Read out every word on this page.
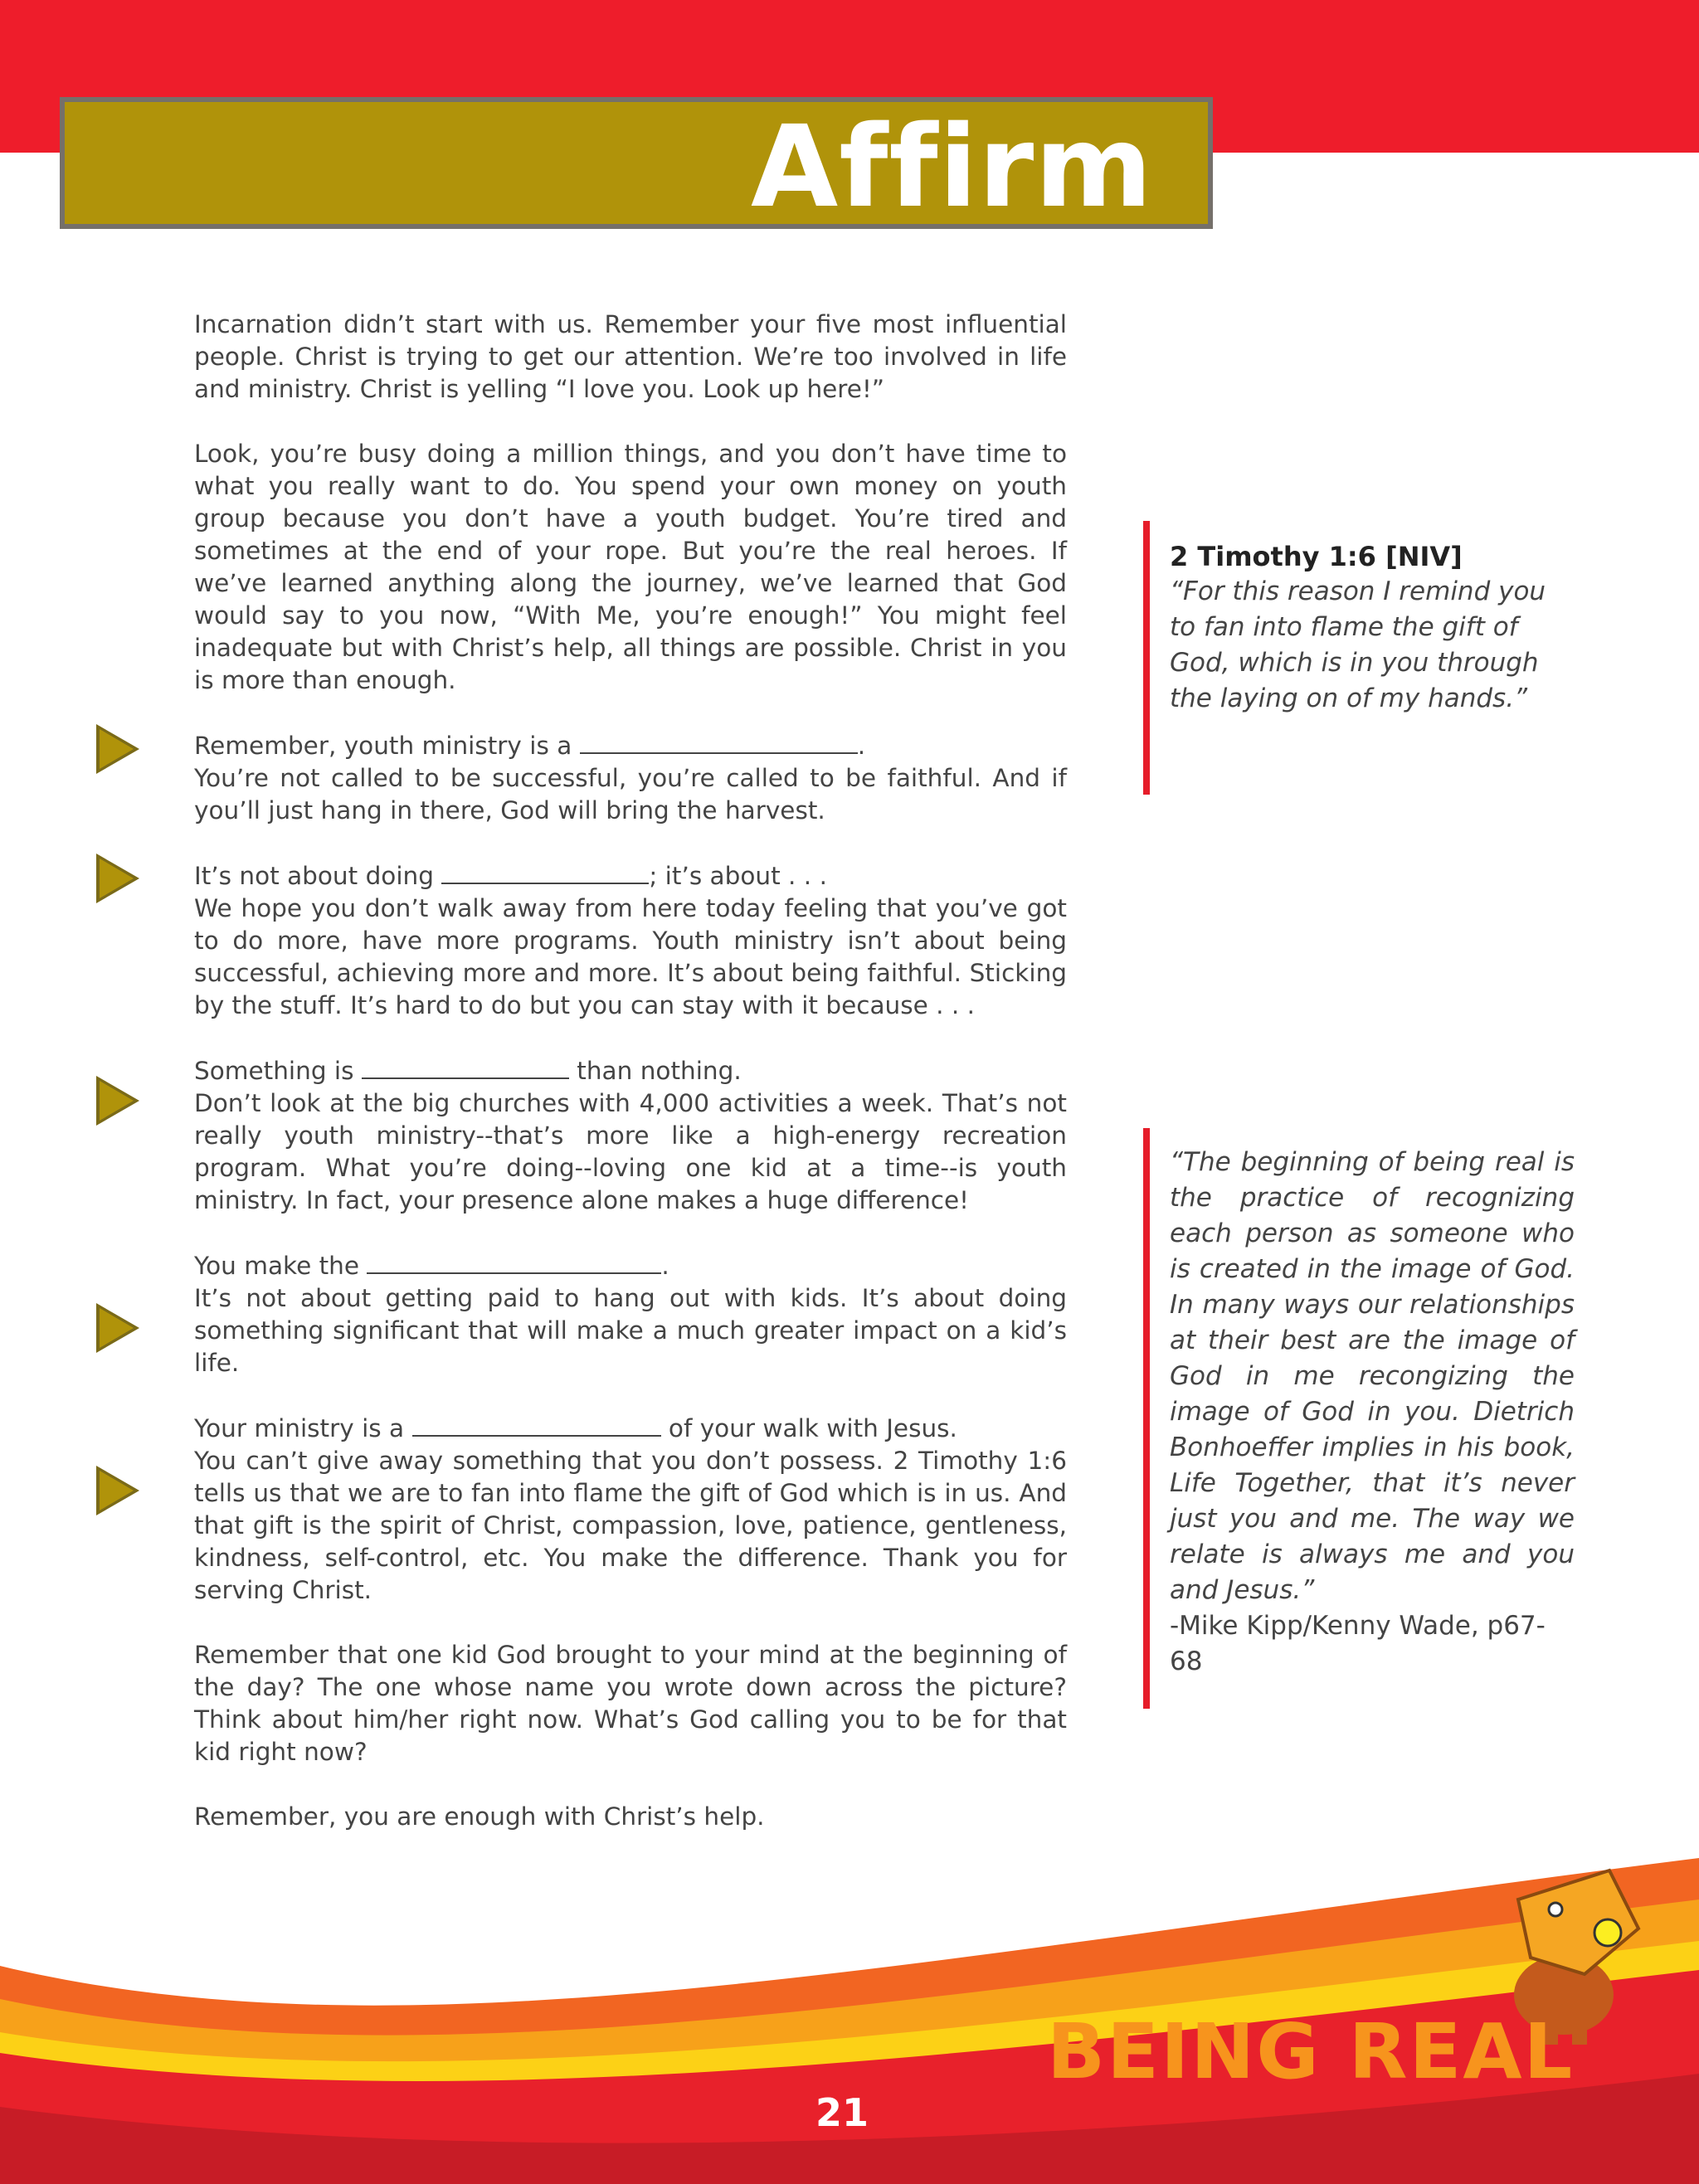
Affirm

Incarnation didn’t start with us. Remember your five most influential people. Christ is trying to get our attention. We’re too involved in life and ministry. Christ is yelling “I love you. Look up here!”

Look, you’re busy doing a million things, and you don’t have time to what you really want to do. You spend your own money on youth group because you don’t have a youth budget. You’re tired and sometimes at the end of your rope. But you’re the real heroes. If we’ve learned anything along the journey, we’ve learned that God would say to you now, “With Me, you’re enough!” You might feel inadequate but with Christ’s help, all things are possible. Christ in you is more than enough.

Remember, youth ministry is a	.
You’re not called to be successful, you’re called to be faithful. And if you’ll just hang in there, God will bring the harvest.
It’s not about doing	; it’s about . . .
We hope you don’t walk away from here today feeling that you’ve got to do more, have more programs. Youth ministry isn’t about being successful, achieving more and more. It’s about being faithful. Sticking by the stuff. It’s hard to do but you can stay with it because . . .
Something is	than nothing.
Don’t look at the big churches with 4,000 activities a week. That’s not really youth ministry--that’s more like a high-energy recreation program. What you’re doing--loving one kid at a time--is youth ministry. In fact, your presence alone makes a huge difference!
You make the	.
It’s not about getting paid to hang out with kids. It’s about doing something significant that will make a much greater impact on a kid’s life.
Your ministry is a	of your walk with Jesus.
You can’t give away something that you don’t possess. 2 Timothy 1:6 tells us that we are to fan into flame the gift of God which is in us. And that gift is the spirit of Christ, compassion, love, patience, gentleness, kindness, self-control, etc. You make the difference. Thank you for serving Christ.

Remember that one kid God brought to your mind at the beginning of the day? The one whose name you wrote down across the picture? Think about him/her right now. What’s God calling you to be for that kid right now?

Remember, you are enough with Christ’s help.

2 Timothy 1:6 [NIV]
“For this reason I remind you to fan into flame the gift of God, which is in you through the laying on of my hands.”
“The beginning of being real is the practice of recognizing each person as someone who is created in the image of God. In many ways our relationships at their best are the image of God in me recongizing the image of God in you. Dietrich Bonhoeffer implies in his book, Life Together, that it’s never just you and me. The way we relate is always me and you and Jesus.”
-Mike Kipp/Kenny Wade, p67-68
BEING REAL
21
